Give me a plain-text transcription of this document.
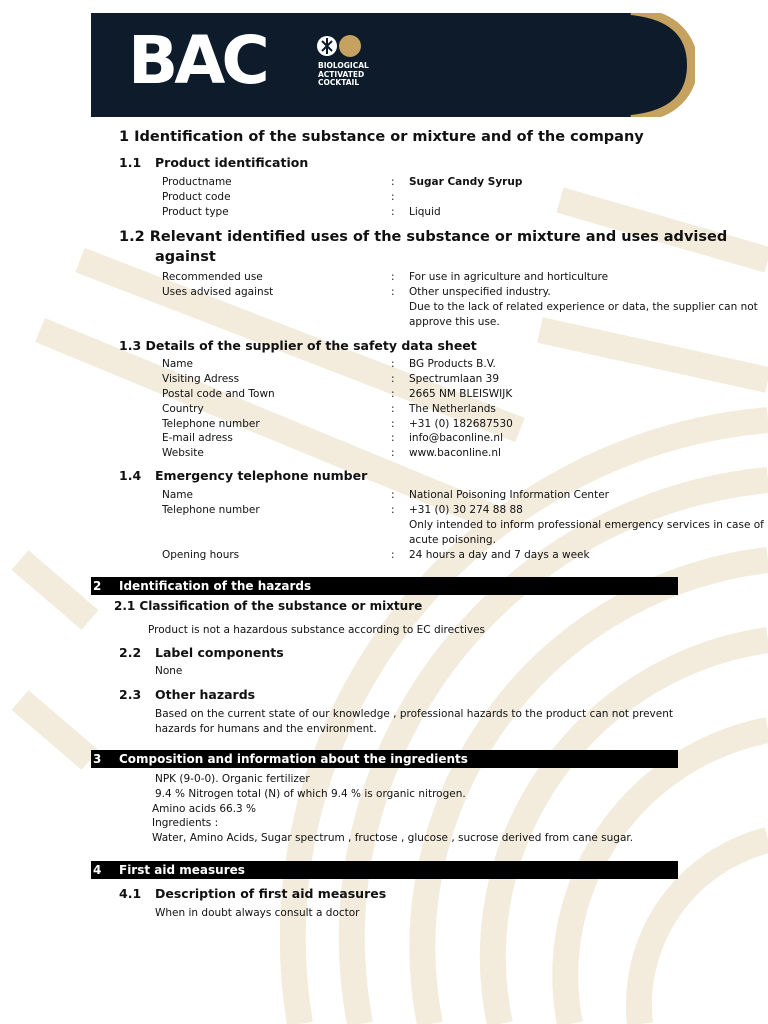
BAC	BIOLOGICAL
ACTIVATED
COCKTAIL
1 Identification of the substance or mixture and of the company
1.1 Product identification
Productname	: Sugar Candy Syrup
Product code	:
Product type	: Liquid
1.2 Relevant identified uses of the substance or mixture and uses advised
against
Recommended use	: For use in agriculture and horticulture
Uses advised against	: Other unspecified industry.
Due to the lack of related experience or data, the supplier can not
approve this use.
1.3 Details of the supplier of the safety data sheet
Name	: BG Products B.V.
Visiting Adress	: Spectrumlaan 39
Postal code and Town	: 2665 NM BLEISWIJK
Country	: The Netherlands
Telephone number	: +31 (0) 182687530
E-mail adress	: info@baconline.nl
Website	: www.baconline.nl
1.4 Emergency telephone number
Name	: National Poisoning Information Center
Telephone number	: +31 (0) 30 274 88 88
Only intended to inform professional emergency services in case of
acute poisoning.
Opening hours	: 24 hours a day and 7 days a week
2 Identification of the hazards
2.1 Classification of the substance or mixture
Product is not a hazardous substance according to EC directives
2.2 Label components
None
2.3 Other hazards
Based on the current state of our knowledge , professional hazards to the product can not prevent
hazards for humans and the environment.
3 Composition and information about the ingredients
NPK (9-0-0). Organic fertilizer
9.4 % Nitrogen total (N) of which 9.4 % is organic nitrogen.
Amino acids 66.3 %
Ingredients :
Water, Amino Acids, Sugar spectrum , fructose , glucose , sucrose derived from cane sugar.
4 First aid measures
4.1 Description of first aid measures
When in doubt always consult a doctor
